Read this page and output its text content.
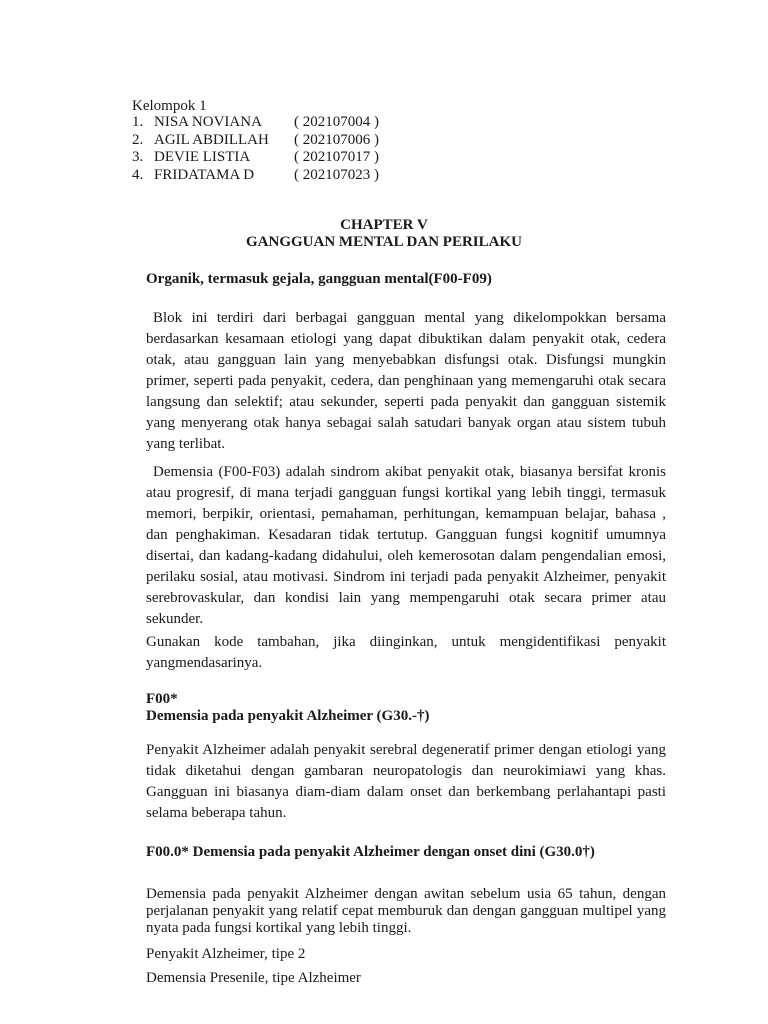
Kelompok 1
1. NISA NOVIANA	( 202107004 )
2. AGIL ABDILLAH	( 202107006 )
3. DEVIE LISTIA	( 202107017 )
4. FRIDATAMA D	( 202107023 )
CHAPTER V
GANGGUAN MENTAL DAN PERILAKU
Organik, termasuk gejala, gangguan mental(F00-F09)

Blok ini terdiri dari berbagai gangguan mental yang dikelompokkan bersama berdasarkan kesamaan etiologi yang dapat dibuktikan dalam penyakit otak, cedera otak, atau gangguan lain yang menyebabkan disfungsi otak. Disfungsi mungkin primer, seperti pada penyakit, cedera, dan penghinaan yang memengaruhi otak secara langsung dan selektif; atau sekunder, seperti pada penyakit dan gangguan sistemik yang menyerang otak hanya sebagai salah satudari banyak organ atau sistem tubuh yang terlibat.

Demensia (F00-F03) adalah sindrom akibat penyakit otak, biasanya bersifat kronis atau progresif, di mana terjadi gangguan fungsi kortikal yang lebih tinggi, termasuk memori, berpikir, orientasi, pemahaman, perhitungan, kemampuan belajar, bahasa , dan penghakiman. Kesadaran tidak tertutup. Gangguan fungsi kognitif umumnya disertai, dan kadang-kadang didahului, oleh kemerosotan dalam pengendalian emosi, perilaku sosial, atau motivasi. Sindrom ini terjadi pada penyakit Alzheimer, penyakit serebrovaskular, dan kondisi lain yang mempengaruhi otak secara primer atau sekunder.

Gunakan kode tambahan, jika diinginkan, untuk mengidentifikasi penyakit yangmendasarinya.

F00*
Demensia pada penyakit Alzheimer (G30.-†)

Penyakit Alzheimer adalah penyakit serebral degeneratif primer dengan etiologi yang tidak diketahui dengan gambaran neuropatologis dan neurokimiawi yang khas. Gangguan ini biasanya diam-diam dalam onset dan berkembang perlahantapi pasti selama beberapa tahun.

F00.0* Demensia pada penyakit Alzheimer dengan onset dini (G30.0†)

Demensia pada penyakit Alzheimer dengan awitan sebelum usia 65 tahun, dengan perjalanan penyakit yang relatif cepat memburuk dan dengan gangguan multipel yang nyata pada fungsi kortikal yang lebih tinggi.

Penyakit Alzheimer, tipe 2
Demensia Presenile, tipe Alzheimer
